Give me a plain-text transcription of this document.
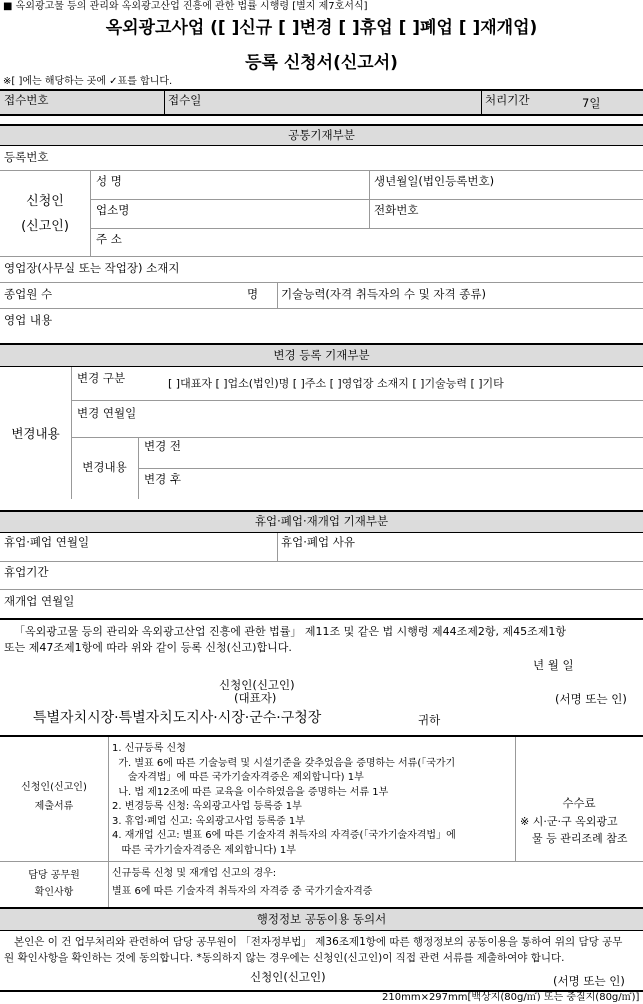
■ 옥외광고물 등의 관리와 옥외광고산업 진흥에 관한 법률 시행령 [별지 제7호서식]
옥외광고사업 ([ ]신규 [ ]변경 [ ]휴업 [ ]폐업 [ ]재개업)
등록 신청서(신고서)
※[ ]에는 해당하는 곳에 ✓표를 합니다.
접수번호	접수일	처리기간	7일
공통기재부분
등록번호
신청인
(신고인)
성 명	생년월일(법인등록번호)
업소명	전화번호
주 소
영업장(사무실 또는 작업장) 소재지
종업원 수	명 기술능력(자격 취득자의 수 및 자격 종류)
영업 내용
변경 등록 기재부분
변경내용
변경 구분	[ ]대표자 [ ]업소(법인)명 [ ]주소 [ ]영업장 소재지 [ ]기술능력 [ ]기타
변경 연월일
변경내용
변경 전
변경 후
휴업·폐업·재개업 기재부분
휴업·폐업 연월일	휴업·폐업 사유
휴업기간
재개업 연월일
「옥외광고물 등의 관리와 옥외광고산업 진흥에 관한 법률」 제11조 및 같은 법 시행령 제44조제2항, 제45조제1항
또는 제47조제1항에 따라 위와 같이 등록 신청(신고)합니다.
년 월 일
신청인(신고인)
(대표자)	(서명 또는 인)
특별자치시장·특별자치도지사·시장·군수·구청장	귀하
신청인(신고인)
제출서류
1. 신규등록 신청
가. 별표 6에 따른 기술능력 및 시설기준을 갖추었음을 증명하는 서류(「국가기
술자격법」에 따른 국가기술자격증은 제외합니다) 1부
나. 법 제12조에 따른 교육을 이수하였음을 증명하는 서류 1부
2. 변경등록 신청: 옥외광고사업 등록증 1부
3. 휴업·폐업 신고: 옥외광고사업 등록증 1부
4. 재개업 신고: 별표 6에 따른 기술자격 취득자의 자격증(「국가기술자격법」에
따른 국가기술자격증은 제외합니다) 1부
수수료
※ 시·군·구 옥외광고
물 등 관리조례 참조
담당 공무원
확인사항
신규등록 신청 및 재개업 신고의 경우:
별표 6에 따른 기술자격 취득자의 자격증 중 국가기술자격증
행정정보 공동이용 동의서
본인은 이 건 업무처리와 관련하여 담당 공무원이 「전자정부법」 제36조제1항에 따른 행정정보의 공동이용을 통하여 위의 담당 공무
원 확인사항을 확인하는 것에 동의합니다. *동의하지 않는 경우에는 신청인(신고인)이 직접 관련 서류를 제출하여야 합니다.
신청인(신고인)	(서명 또는 인)
210mm×297mm[백상지(80g/㎡) 또는 중질지(80g/㎡)]
